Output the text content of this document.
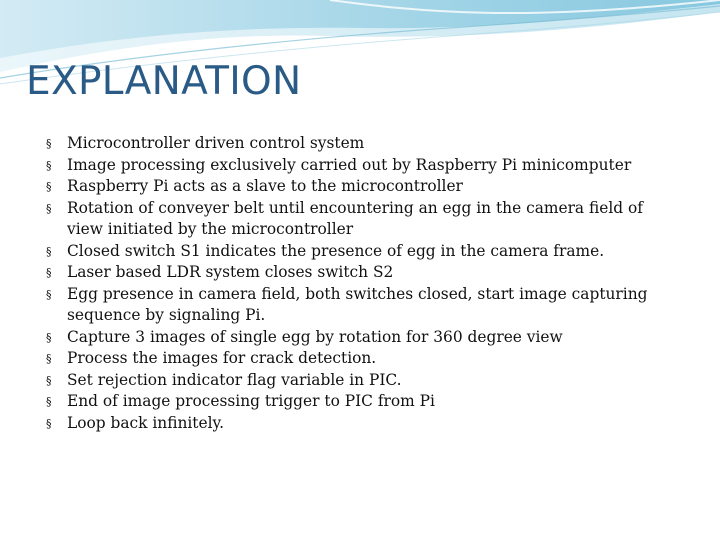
EXPLANATION
§ Microcontroller driven control system
§ Image processing exclusively carried out by Raspberry Pi minicomputer
§ Raspberry Pi acts as a slave to the microcontroller
§ Rotation of conveyer belt until encountering an egg in the camera field of view initiated by the microcontroller
§ Closed switch S1 indicates the presence of egg in the camera frame.
§ Laser based LDR system closes switch S2
§ Egg presence in camera field, both switches closed, start image capturing sequence by signaling Pi.
§ Capture 3 images of single egg by rotation for 360 degree view
§ Process the images for crack detection.
§ Set rejection indicator flag variable in PIC.
§ End of image processing trigger to PIC from Pi
§ Loop back infinitely.
